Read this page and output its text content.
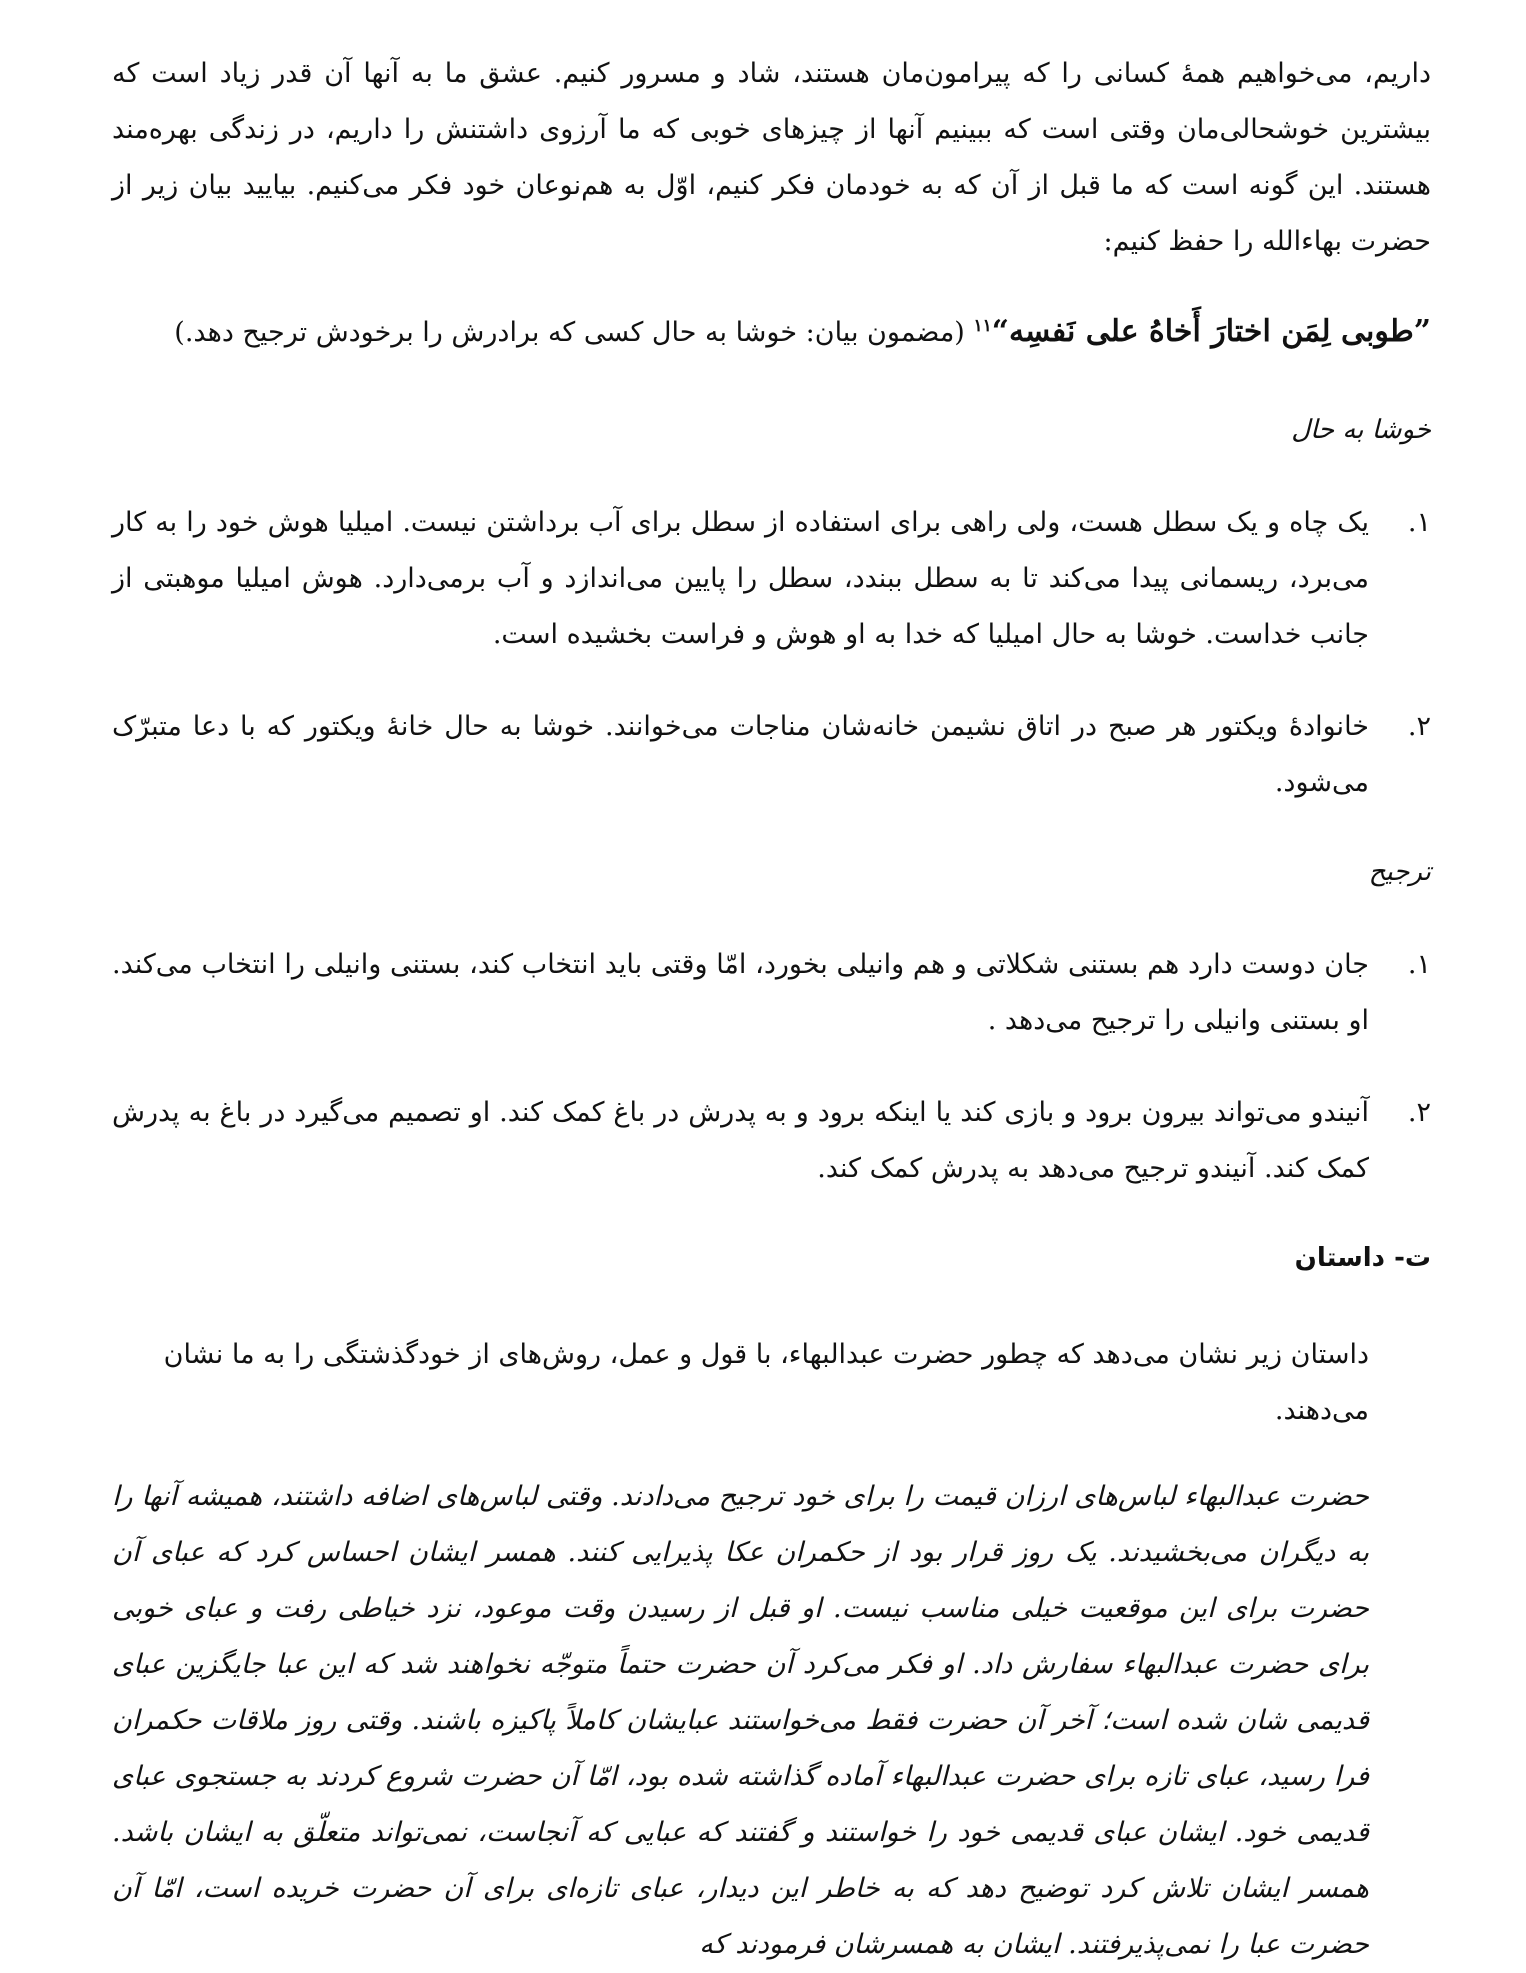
داریم، می‌خواهیم همهٔ کسانی را که پیرامون‌مان هستند، شاد و مسرور کنیم. عشق ما به آنها آن قدر زیاد است که بیشترین خوشحالی‌مان وقتی است که ببینیم آنها از چیزهای خوبی که ما آرزوی داشتنش را داریم، در زندگی بهره‌مند هستند. این گونه است که ما قبل از آن که به خودمان فکر کنیم، اوّل به هم‌نوعان خود فکر می‌کنیم. بیایید بیان زیر از حضرت بهاءالله را حفظ کنیم:

”طوبی لِمَن اختارَ أَخاهُ علی نَفسِه“$^{۱۱}$ (مضمون بیان: خوشا به حال کسی که برادرش را برخودش ترجیح دهد.)
خوشا به حال
۱.
یک چاه و یک سطل هست، ولی راهی برای استفاده از سطل برای آب برداشتن نیست. امیلیا هوش خود را به کار می‌برد، ریسمانی پیدا می‌کند تا به سطل ببندد، سطل را پایین می‌اندازد و آب برمی‌دارد. هوش امیلیا موهبتی از جانب خداست. خوشا به حال امیلیا که خدا به او هوش و فراست بخشیده است.
۲.
خانوادهٔ ویکتور هر صبح در اتاق نشیمن خانه‌شان مناجات می‌خوانند. خوشا به حال خانهٔ ویکتور که با دعا متبرّک می‌شود.
ترجیح
۱.
جان دوست دارد هم بستنی شکلاتی و هم وانیلی بخورد، امّا وقتی باید انتخاب کند، بستنی وانیلی را انتخاب می‌کند. او بستنی وانیلی را ترجیح می‌دهد .
۲.
آنیندو می‌تواند بیرون برود و بازی کند یا اینکه برود و به پدرش در باغ کمک کند. او تصمیم می‌گیرد در باغ به پدرش کمک کند. آنیندو ترجیح می‌دهد به پدرش کمک کند.
ت- داستان

داستان زیر نشان می‌دهد که چطور حضرت عبدالبهاء، با قول و عمل، روش‌های از خودگذشتگی را به ما نشان می‌دهند.

حضرت عبدالبهاء لباس‌های ارزان قیمت را برای خود ترجیح می‌دادند. وقتی لباس‌های اضافه داشتند، همیشه آنها را به دیگران می‌بخشیدند. یک روز قرار بود از حکمران عکا پذیرایی کنند. همسر ایشان احساس کرد که عبای آن حضرت برای این موقعیت خیلی مناسب نیست. او قبل از رسیدن وقت موعود، نزد خیاطی رفت و عبای خوبی برای حضرت عبدالبهاء سفارش داد. او فکر می‌کرد آن حضرت حتماً متوجّه نخواهند شد که این عبا جایگزین عبای قدیمی شان شده است؛ آخر آن حضرت فقط می‌خواستند عبایشان کاملاً پاکیزه باشند. وقتی روز ملاقات حکمران فرا رسید، عبای تازه برای حضرت عبدالبهاء آماده گذاشته شده بود، امّا آن حضرت شروع کردند به جستجوی عبای قدیمی خود. ایشان عبای قدیمی خود را خواستند و گفتند که عبایی که آنجاست، نمی‌تواند متعلّق به ایشان باشد. همسر ایشان تلاش کرد توضیح دهد که به خاطر این دیدار، عبای تازه‌ای برای آن حضرت خریده است، امّا آن حضرت عبا را نمی‌پذیرفتند. ایشان به همسرشان فرمودند که
